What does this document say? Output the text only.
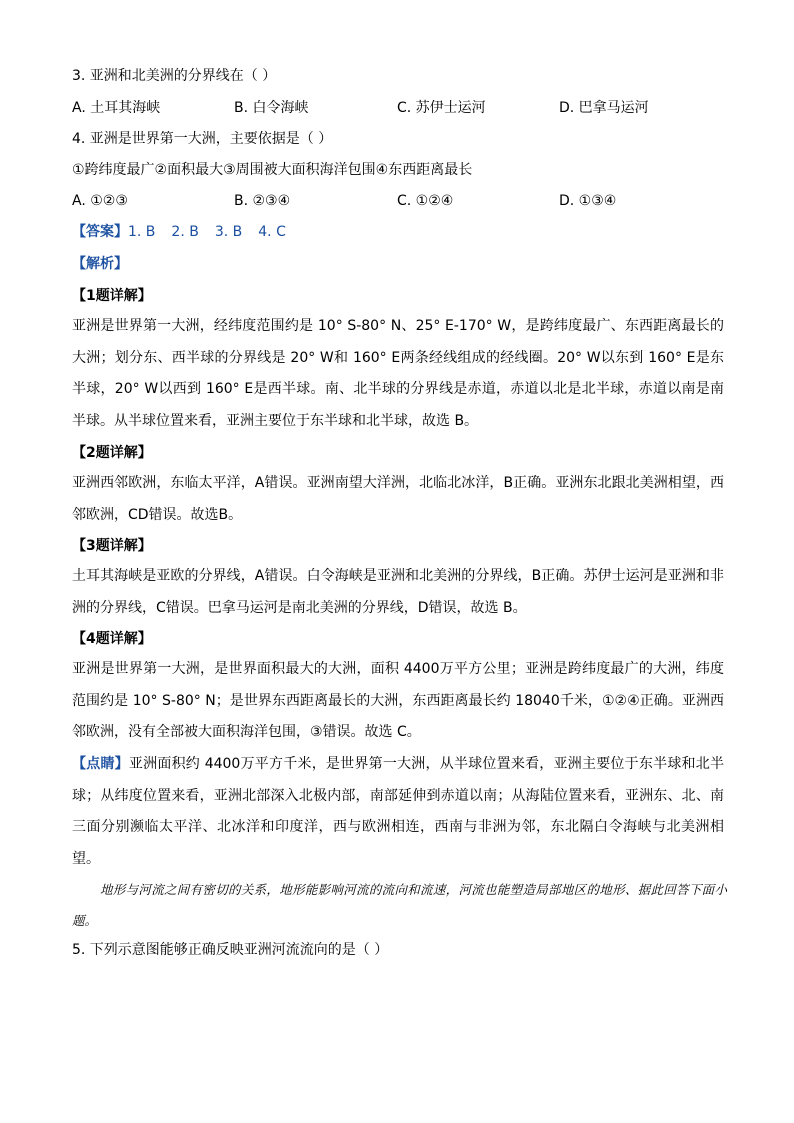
3. 亚洲和北美洲的分界线在（ ）
A. 土耳其海峡	B. 白令海峡	C. 苏伊士运河	D. 巴拿马运河
4. 亚洲是世界第一大洲，主要依据是（ ）
①跨纬度最广②面积最大③周围被大面积海洋包围④东西距离最长
A. ①②③	B. ②③④	C. ①②④	D. ①③④
【答案】1. B 2. B 3. B 4. C
【解析】
【1题详解】
亚洲是世界第一大洲，经纬度范围约是 10° S-80° N、25° E-170° W，是跨纬度最广、东西距离最长的大洲；划分东、西半球的分界线是 20° W和 160° E两条经线组成的经线圈。20° W以东到 160° E是东半球，20° W以西到 160° E是西半球。南、北半球的分界线是赤道，赤道以北是北半球，赤道以南是南半球。从半球位置来看，亚洲主要位于东半球和北半球，故选 B。
【2题详解】
亚洲西邻欧洲，东临太平洋，A错误。亚洲南望大洋洲，北临北冰洋，B正确。亚洲东北跟北美洲相望，西邻欧洲，CD错误。故选B。
【3题详解】
土耳其海峡是亚欧的分界线，A错误。白令海峡是亚洲和北美洲的分界线，B正确。苏伊士运河是亚洲和非洲的分界线，C错误。巴拿马运河是南北美洲的分界线，D错误，故选 B。
【4题详解】
亚洲是世界第一大洲，是世界面积最大的大洲，面积 4400万平方公里；亚洲是跨纬度最广的大洲，纬度范围约是 10° S-80° N；是世界东西距离最长的大洲，东西距离最长约 18040千米，①②④正确。亚洲西邻欧洲，没有全部被大面积海洋包围，③错误。故选 C。
【点睛】亚洲面积约 4400万平方千米，是世界第一大洲，从半球位置来看，亚洲主要位于东半球和北半球；从纬度位置来看，亚洲北部深入北极内部，南部延伸到赤道以南；从海陆位置来看，亚洲东、北、南三面分别濒临太平洋、北冰洋和印度洋，西与欧洲相连，西南与非洲为邻，东北隔白令海峡与北美洲相望。
地形与河流之间有密切的关系，地形能影响河流的流向和流速，河流也能塑造局部地区的地形、据此回答下面小题。
5. 下列示意图能够正确反映亚洲河流流向的是（ ）
